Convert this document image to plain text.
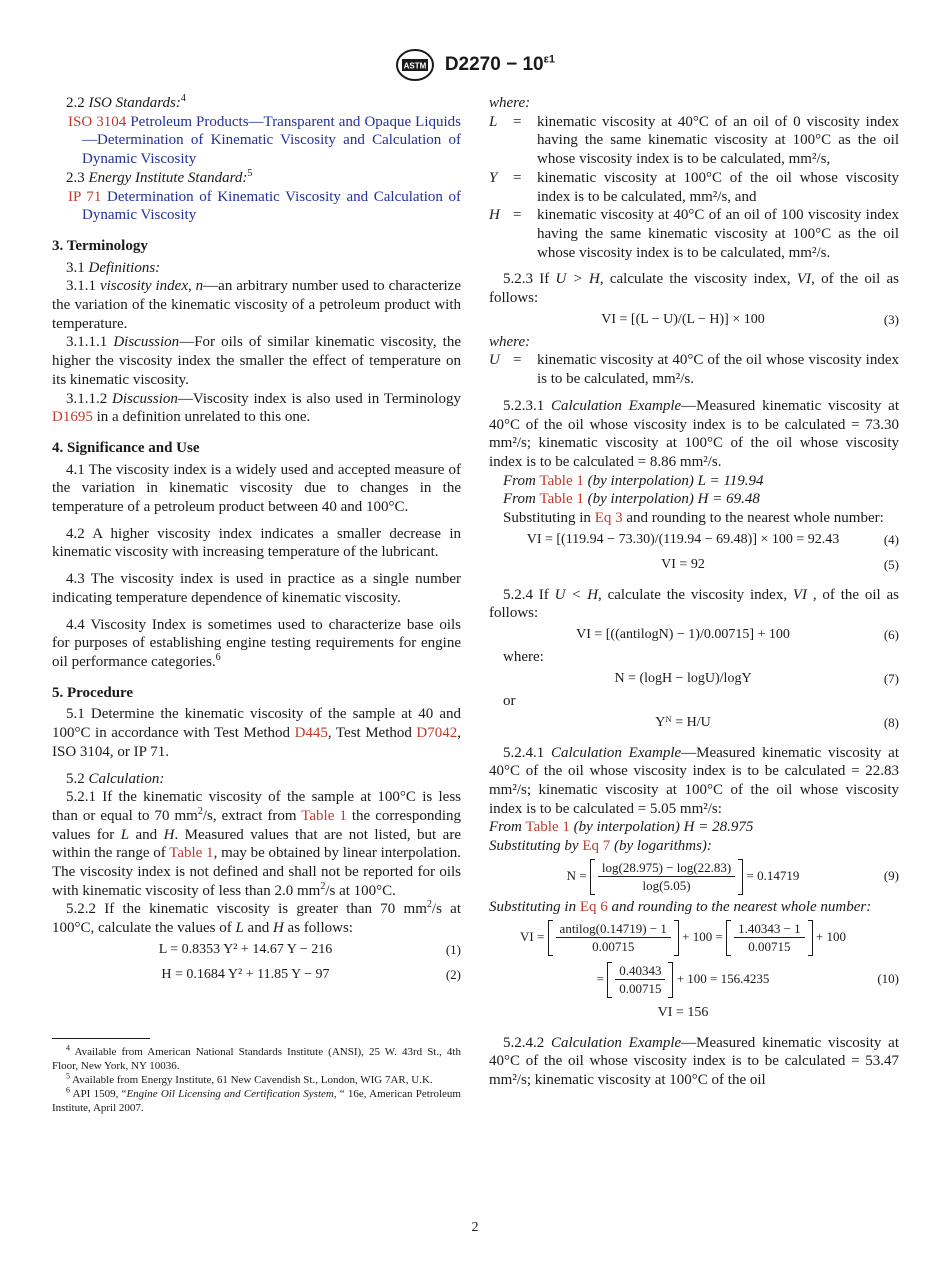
ASTM $D2270 - 10^{\varepsilon 1}$

2.2 ISO Standards:$^4$

ISO 3104 Petroleum Products—Transparent and Opaque Liquids—Determination of Kinematic Viscosity and Calculation of Dynamic Viscosity

2.3 Energy Institute Standard:$^5$

IP 71 Determination of Kinematic Viscosity and Calculation of Dynamic Viscosity

3. Terminology

3.1 Definitions:

3.1.1 viscosity index, n—an arbitrary number used to characterize the variation of the kinematic viscosity of a petroleum product with temperature.

3.1.1.1 Discussion—For oils of similar kinematic viscosity, the higher the viscosity index the smaller the effect of temperature on its kinematic viscosity.

3.1.1.2 Discussion—Viscosity index is also used in Terminology D1695 in a definition unrelated to this one.

4. Significance and Use

4.1 The viscosity index is a widely used and accepted measure of the variation in kinematic viscosity due to changes in the temperature of a petroleum product between 40 and 100°C.

4.2 A higher viscosity index indicates a smaller decrease in kinematic viscosity with increasing temperature of the lubricant.

4.3 The viscosity index is used in practice as a single number indicating temperature dependence of kinematic viscosity.

4.4 Viscosity Index is sometimes used to characterize base oils for purposes of establishing engine testing requirements for engine oil performance categories.$^6$

5. Procedure

5.1 Determine the kinematic viscosity of the sample at 40 and 100°C in accordance with Test Method D445, Test Method D7042, ISO 3104, or IP 71.

5.2 Calculation:

5.2.1 If the kinematic viscosity of the sample at 100°C is less than or equal to 70 $mm^2/s$, extract from Table 1 the corresponding values for L and H. Measured values that are not listed, but are within the range of Table 1, may be obtained by linear interpolation. The viscosity index is not defined and shall not be reported for oils with kinematic viscosity of less than 2.0 $mm^2/s$ at 100°C.

5.2.2 If the kinematic viscosity is greater than 70 $mm^2/s$ at 100°C, calculate the values of L and H as follows:

L = 0.8353 Y² + 14.67 Y − 216	(1)
H = 0.1684 Y² + 11.85 Y − 97	(2)

$^4$ Available from American National Standards Institute (ANSI), 25 W. 43rd St., 4th Floor, New York, NY 10036.

$^5$ Available from Energy Institute, 61 New Cavendish St., London, WIG 7AR, U.K.

$^6$ API 1509, “Engine Oil Licensing and Certification System, “ 16e, American Petroleum Institute, April 2007.

where:

L	=	kinematic viscosity at 40°C of an oil of 0 viscosity index having the same kinematic viscosity at 100°C as the oil whose viscosity index is to be calculated, mm²/s,
Y	=	kinematic viscosity at 100°C of the oil whose viscosity index is to be calculated, mm²/s, and
H =	kinematic viscosity at 40°C of an oil of 100 viscosity index having the same kinematic viscosity at 100°C as the oil whose viscosity index is to be calculated, mm²/s.

5.2.3 If U > H, calculate the viscosity index, VI, of the oil as follows:

VI = [(L − U)/(L − H)] × 100	(3)

where:

U =	kinematic viscosity at 40°C of the oil whose viscosity index is to be calculated, mm²/s.

5.2.3.1 Calculation Example—Measured kinematic viscosity at 40°C of the oil whose viscosity index is to be calculated = 73.30 mm²/s; kinematic viscosity at 100°C of the oil whose viscosity index is to be calculated = 8.86 mm²/s.

From Table 1 (by interpolation) L = 119.94

From Table 1 (by interpolation) H = 69.48

Substituting in Eq 3 and rounding to the nearest whole number:

VI = [(119.94 − 73.30)/(119.94 − 69.48)] × 100 = 92.43	(4)
VI = 92	(5)

5.2.4 If U < H, calculate the viscosity index, VI , of the oil as follows:

VI = [((antilogN) − 1)/0.00715] + 100	(6)

where:

N = (logH − logU)/logY	(7)

or

Yᴺ = H/U	(8)

5.2.4.1 Calculation Example—Measured kinematic viscosity at 40°C of the oil whose viscosity index is to be calculated = 22.83 mm²/s; kinematic viscosity at 100°C of the oil whose viscosity index is to be calculated = 5.05 mm²/s:

From Table 1 (by interpolation) H = 28.975

Substituting by Eq 7 (by logarithms):

N =
$\frac{\log(28.975) - \log(22.83)}{\log(5.05)}$
= 0.14719	(9)

Substituting in Eq 6 and rounding to the nearest whole number:

VI =
$\frac{\text{antilog(0.14719) − 1}}{0.00715}$
+ 100 =
$\frac{1.40343 - 1}{0.00715}$
+ 100
=
$\frac{0.40343}{0.00715}$
+ 100 = 156.4235	(10)
VI = 156

5.2.4.2 Calculation Example—Measured kinematic viscosity at 40°C of the oil whose viscosity index is to be calculated = 53.47 mm²/s; kinematic viscosity at 100°C of the oil

2
